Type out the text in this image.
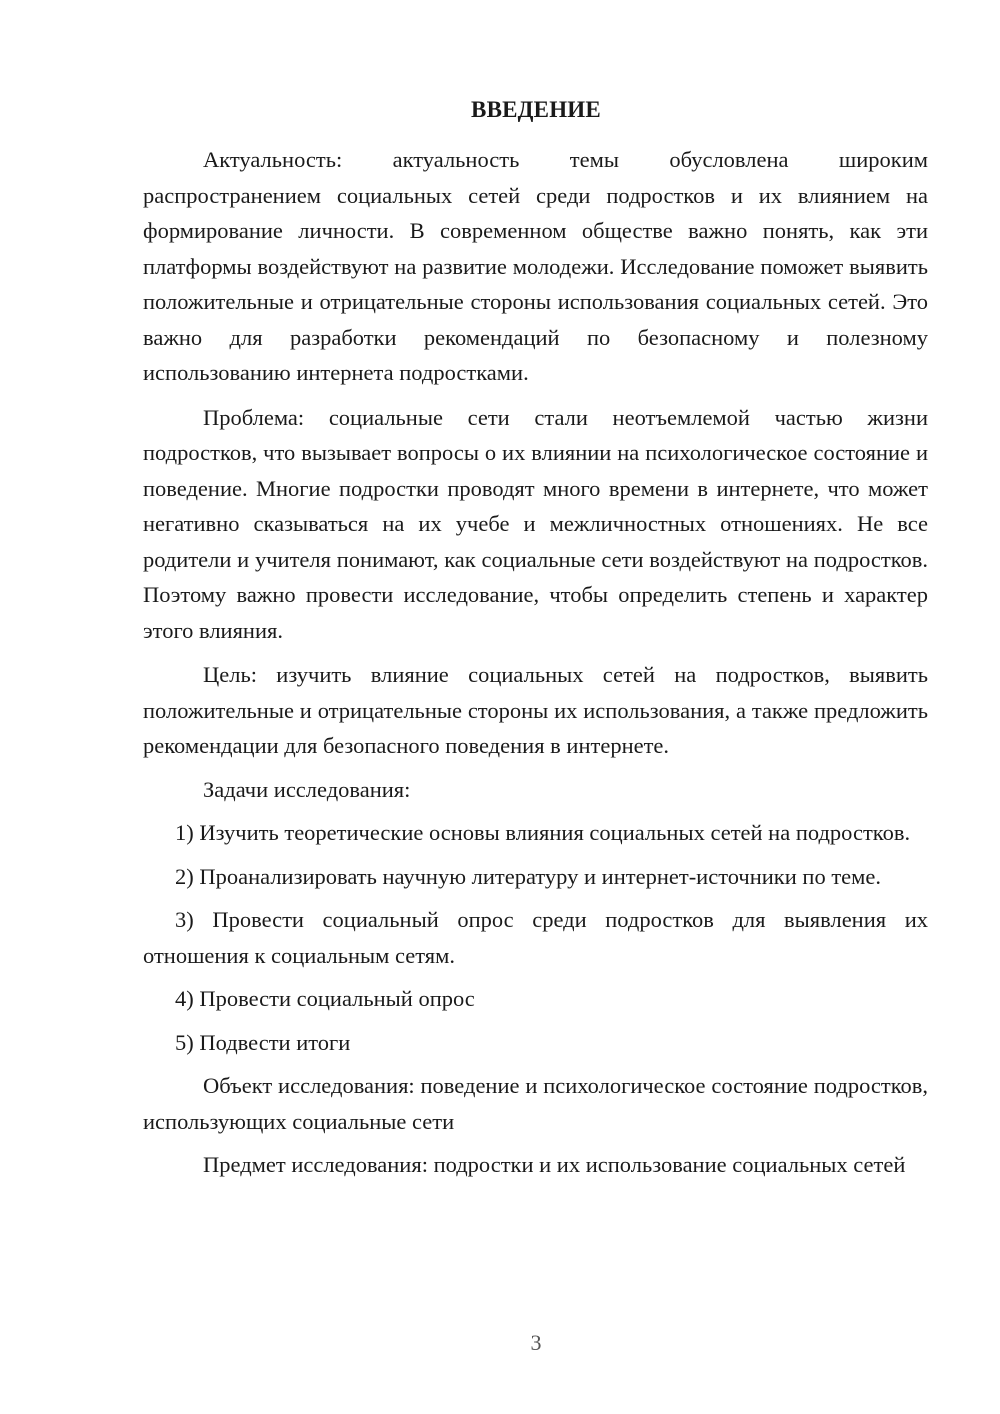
ВВЕДЕНИЕ

Актуальность: актуальность темы обусловлена широким распространением социальных сетей среди подростков и их влиянием на формирование личности. В современном обществе важно понять, как эти платформы воздействуют на развитие молодежи. Исследование поможет выявить положительные и отрицательные стороны использования социальных сетей. Это важно для разработки рекомендаций по безопасному и полезному использованию интернета подростками.

Проблема: социальные сети стали неотъемлемой частью жизни подростков, что вызывает вопросы о их влиянии на психологическое состояние и поведение. Многие подростки проводят много времени в интернете, что может негативно сказываться на их учебе и межличностных отношениях. Не все родители и учителя понимают, как социальные сети воздействуют на подростков. Поэтому важно провести исследование, чтобы определить степень и характер этого влияния.

Цель: изучить влияние социальных сетей на подростков, выявить положительные и отрицательные стороны их использования, а также предложить рекомендации для безопасного поведения в интернете.

Задачи исследования:

1) Изучить теоретические основы влияния социальных сетей на подростков.

2) Проанализировать научную литературу и интернет-источники по теме.

3) Провести социальный опрос среди подростков для выявления их отношения к социальным сетям.

4) Провести социальный опрос

5) Подвести итоги

Объект исследования: поведение и психологическое состояние подростков, использующих социальные сети

Предмет исследования: подростки и их использование социальных сетей

3
